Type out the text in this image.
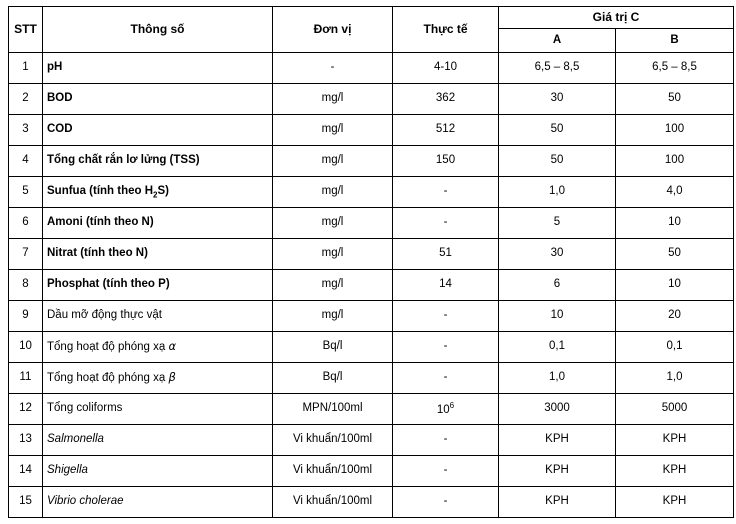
STT	Thông số	Đơn vị	Thực tế	Giá trị C	
				A	B
1	pH	-	4-10	6,5 – 8,5	6,5 – 8,5
2	BOD	mg/l	362	30	50
3	COD	mg/l	512	50	100
4	Tổng chất rắn lơ lửng (TSS)	mg/l	150	50	100
5	Sunfua (tính theo $H_2S$)	mg/l	-	1,0	4,0
6	Amoni (tính theo N)	mg/l	-	5	10
7	Nitrat (tính theo N)	mg/l	51	30	50
8	Phosphat (tính theo P)	mg/l	14	6	10
9	Dầu mỡ động thực vật	mg/l	-	10	20
10	Tổng hoạt độ phóng xạ α	Bq/l	-	0,1	0,1
11	Tổng hoạt độ phóng xạ β	Bq/l	-	1,0	1,0
12	Tổng coliforms	MPN/100ml	$10^6$	3000	5000
13	Salmonella	Vi khuẩn/100ml	-	KPH	KPH
14	Shigella	Vi khuẩn/100ml	-	KPH	KPH
15	Vibrio cholerae	Vi khuẩn/100ml	-	KPH	KPH
